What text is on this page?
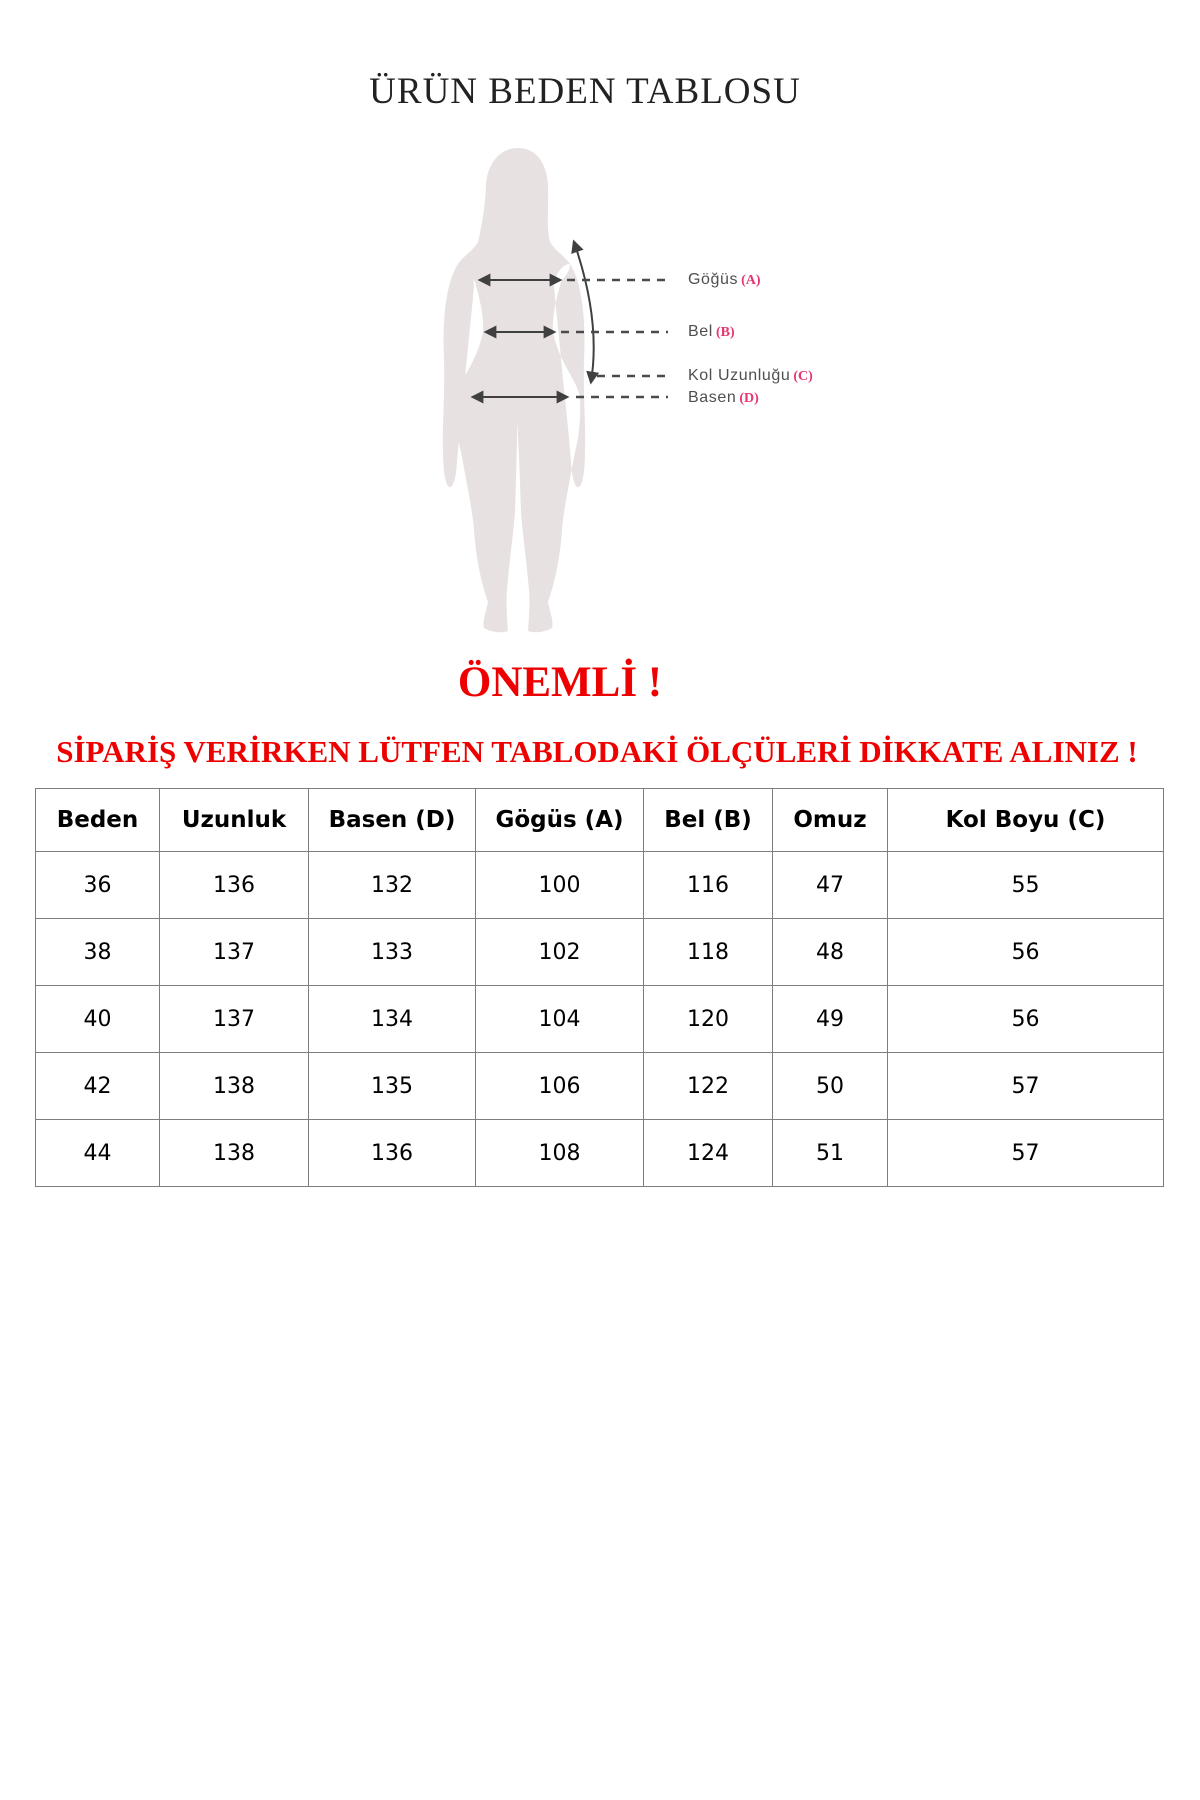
ÜRÜN BEDEN TABLOSU
Göğüs (A)
Bel (B)
Kol Uzunluğu (C)
Basen (D)
ÖNEMLİ !
SİPARİŞ VERİRKEN LÜTFEN TABLODAKİ ÖLÇÜLERİ DİKKATE ALINIZ !
Beden	Uzunluk	Basen (D)	Gögüs (A)	Bel (B)	Omuz	Kol Boyu (C)
36	136	132	100	116	47	55
38	137	133	102	118	48	56
40	137	134	104	120	49	56
42	138	135	106	122	50	57
44	138	136	108	124	51	57
